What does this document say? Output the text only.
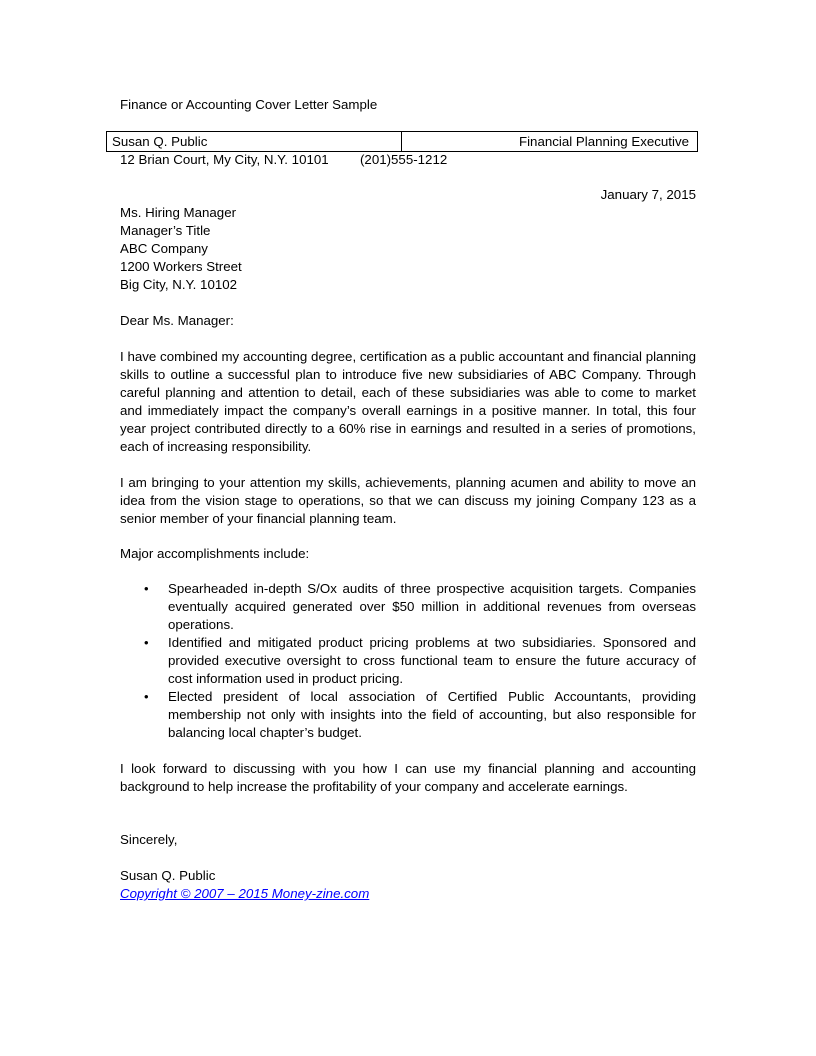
Finance or Accounting Cover Letter Sample
Susan Q. Public	Financial Planning Executive
12 Brian Court, My City, N.Y. 10101 (201)555-1212
January 7, 2015
Ms. Hiring Manager
Manager’s Title
ABC Company
1200 Workers Street
Big City, N.Y. 10102
Dear Ms. Manager:
I have combined my accounting degree, certification as a public accountant and financial planning skills to outline a successful plan to introduce five new subsidiaries of ABC Company. Through careful planning and attention to detail, each of these subsidiaries was able to come to market and immediately impact the company’s overall earnings in a positive manner. In total, this four year project contributed directly to a 60% rise in earnings and resulted in a series of promotions, each of increasing responsibility.
I am bringing to your attention my skills, achievements, planning acumen and ability to move an idea from the vision stage to operations, so that we can discuss my joining Company 123 as a senior member of your financial planning team.
Major accomplishments include:
• Spearheaded in-depth S/Ox audits of three prospective acquisition targets. Companies eventually acquired generated over $50 million in additional revenues from overseas operations.
• Identified and mitigated product pricing problems at two subsidiaries. Sponsored and provided executive oversight to cross functional team to ensure the future accuracy of cost information used in product pricing.
• Elected president of local association of Certified Public Accountants, providing membership not only with insights into the field of accounting, but also responsible for balancing local chapter’s budget.
I look forward to discussing with you how I can use my financial planning and accounting background to help increase the profitability of your company and accelerate earnings.
Sincerely,
Susan Q. Public
Copyright © 2007 – 2015 Money-zine.com
